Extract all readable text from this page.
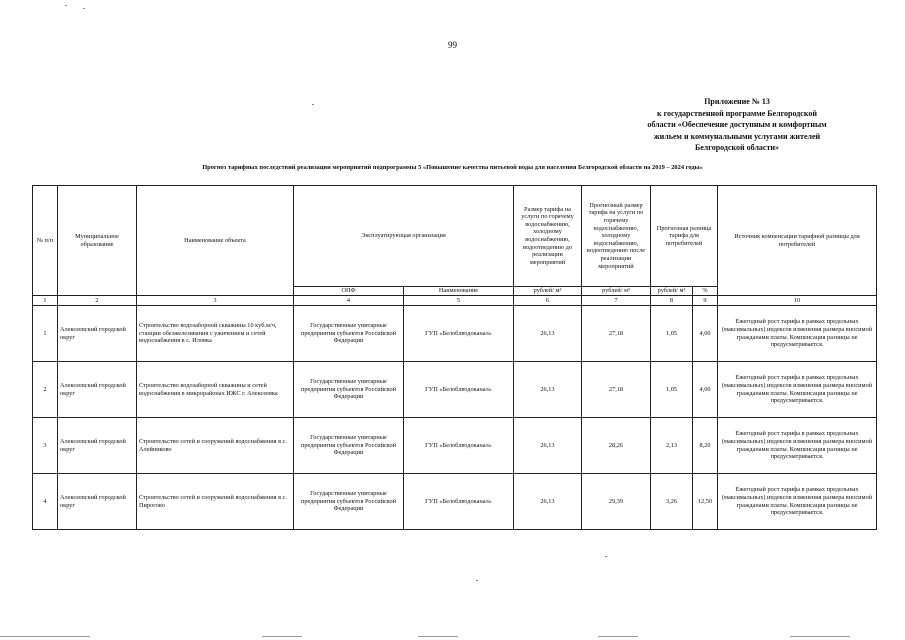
99
Приложение № 13
к государственной программе Белгородской
области «Обеспечение доступным и комфортным
жильем и коммунальными услугами жителей
Белгородской области»
Прогноз тарифных последствий реализации мероприятий подпрограммы 5 «Повышение качества питьевой воды для населения Белгородской области на 2019 – 2024 годы»
№ п/п	Муниципальное образование	Наименование объекта	Эксплуатирующая организация		Размер тарифа на услуги по горячему водоснабжению, холодному водоснабжению, водоотведению до реализации мероприятий	Прогнозный размер тарифа на услуги по горячему водоснабжению, холодному водоснабжению, водоотведению после реализации мероприятий	Прогнозная разница тарифа для потребителей		Источник компенсации тарифной разницы для потребителей
			ОПФ	Наименование	рублей/ м³	рублей/ м³	рублей/ м³	%	
1	2	3	4	5	6	7	8	9	10
1	Алексеевский городской округ	Строительство водозаборной скважины 10 куб.м/ч, станции обезжелезивания с ужичением и сетей водоснабжения в с. Иловка	Государственные унитарные предприятия субъектов Российской Федерации	ГУП «Белоблводоканал»	26,13	27,18	1,05	4,00	Ежегодный рост тарифа в рамках предельных (максимальных) индексов изменения размера вносимой гражданами платы. Компенсация разницы не предусматривается.
2	Алексеевский городской округ	Строительство водозаборной скважины и сетей водоснабжения в микрорайонах ИЖС г. Алексеевка	Государственные унитарные предприятия субъектов Российской Федерации	ГУП «Белоблводоканал»	26,13	27,18	1,05	4,00	Ежегодный рост тарифа в рамках предельных (максимальных) индексов изменения размера вносимой гражданами платы. Компенсация разницы не предусматривается.
3	Алексеевский городской округ	Строительство сетей и сооружений водоснабжения в с. Алейниково	Государственные унитарные предприятия субъектов Российской Федерации	ГУП «Белоблводоканал»	26,13	28,26	2,13	8,20	Ежегодный рост тарифа в рамках предельных (максимальных) индексов изменения размера вносимой гражданами платы. Компенсация разницы не предусматривается.
4	Алексеевский городской округ	Строительство сетей и сооружений водоснабжения в с. Пирогово	Государственные унитарные предприятия субъектов Российской Федерации	ГУП «Белоблводоканал»	26,13	29,39	3,26	12,50	Ежегодный рост тарифа в рамках предельных (максимальных) индексов изменения размера вносимой гражданами платы. Компенсация разницы не предусматривается.
